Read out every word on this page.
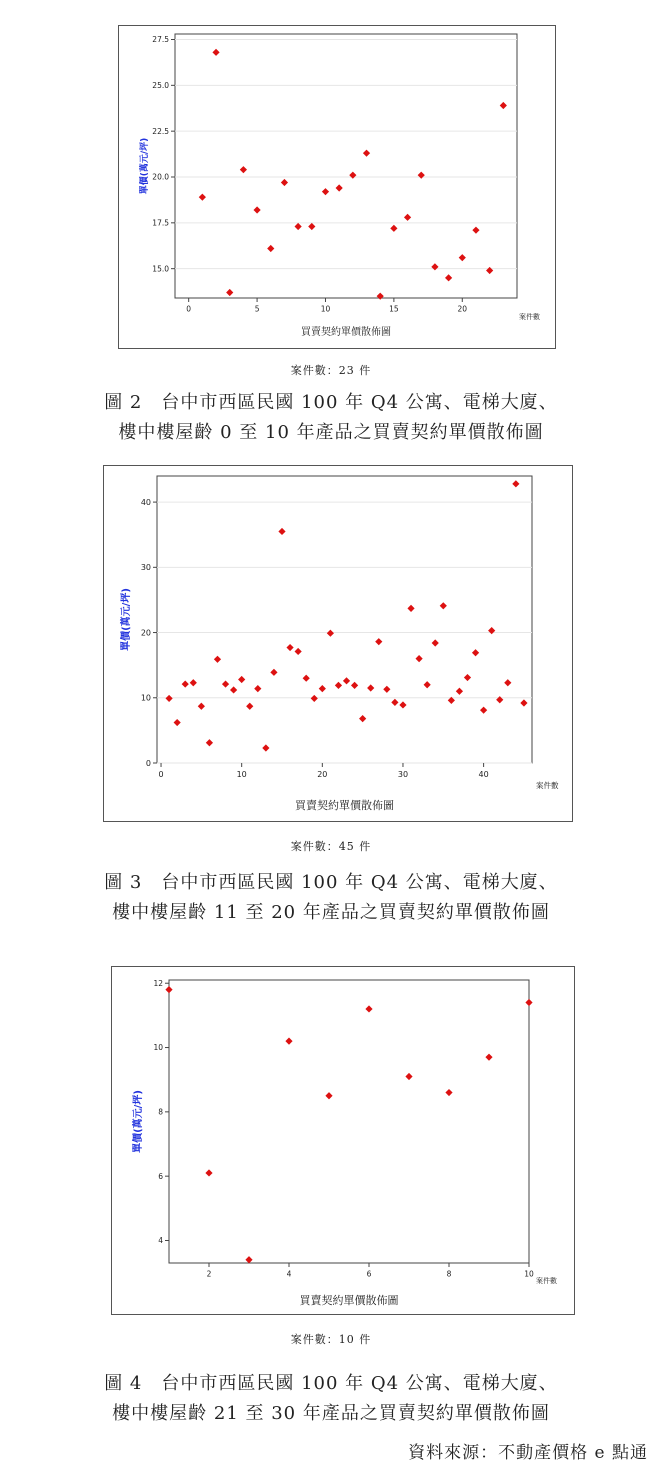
15.0
17.5
20.0
22.5
25.0
27.5
0	5	10	15	20
單價(萬元/坪)
買賣契約單價散佈圖
案件數
案件數：23 件
圖 2　台中市西區民國 100 年 Q4 公寓、電梯大廈、
樓中樓屋齡 0 至 10 年產品之買賣契約單價散佈圖
0
10
20
30
40
0	10	20	30	40
單價(萬元/坪)
買賣契約單價散佈圖
案件數
案件數：45 件
圖 3　台中市西區民國 100 年 Q4 公寓、電梯大廈、
樓中樓屋齡 11 至 20 年產品之買賣契約單價散佈圖
4
6
8
10
12
2	4	6	8	10
單價(萬元/坪)
買賣契約單價散佈圖
案件數
案件數：10 件
圖 4　台中市西區民國 100 年 Q4 公寓、電梯大廈、
樓中樓屋齡 21 至 30 年產品之買賣契約單價散佈圖
資料來源：不動產價格 e 點通
